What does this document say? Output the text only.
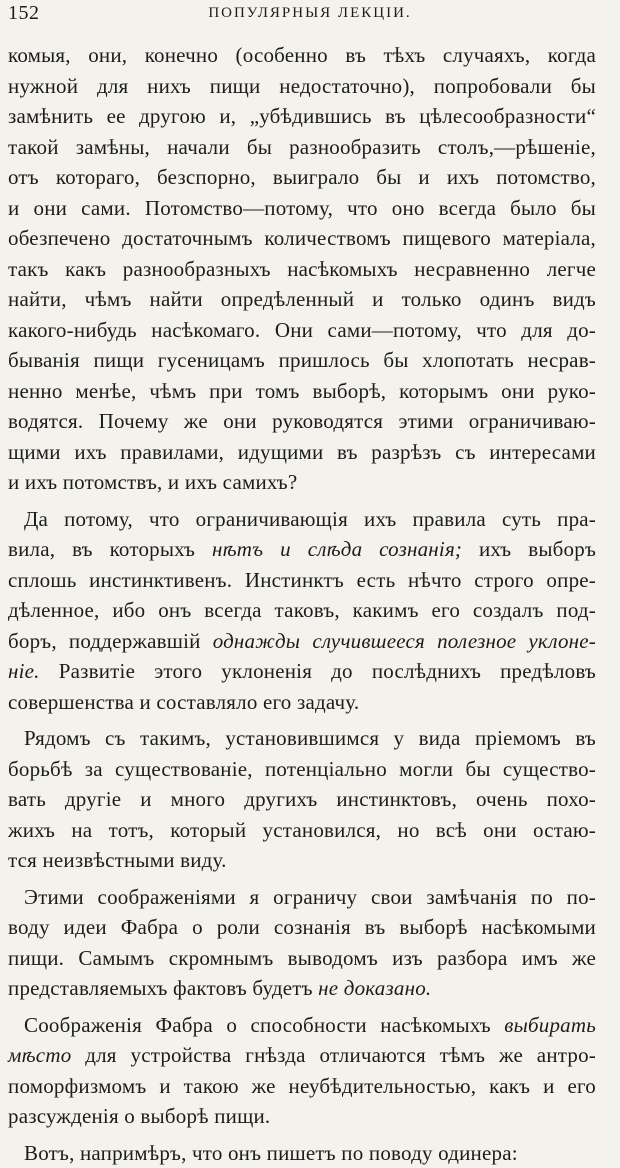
152	ПОПУЛЯРНЫЯ ЛЕКЦІИ.
комыя, они, конечно (особенно въ тѣхъ случаяхъ, когда
нужной для нихъ пищи недостаточно), попробовали бы
замѣнить ее другою и, „убѣдившись въ цѣлесообразности“
такой замѣны, начали бы разнообразить столъ,—рѣшеніе,
отъ котораго, безспорно, выиграло бы и ихъ потомство,
и они сами. Потомство—потому, что оно всегда было бы
обезпечено достаточнымъ количествомъ пищевого матеріала,
такъ какъ разнообразныхъ насѣкомыхъ несравненно легче
найти, чѣмъ найти опредѣленный и только одинъ видъ
какого-нибудь насѣкомаго. Они сами—потому, что для до-
быванія пищи гусеницамъ пришлось бы хлопотать несрав-
ненно менѣе, чѣмъ при томъ выборѣ, которымъ они руко-
водятся. Почему же они руководятся этими ограничиваю-
щими ихъ правилами, идущими въ разрѣзъ съ интересами
и ихъ потомствъ, и ихъ самихъ?
Да потому, что ограничивающія ихъ правила суть пра-
вила, въ которыхъ нѣтъ и слѣда сознанія; ихъ выборъ
сплошь инстинктивенъ. Инстинктъ есть нѣчто строго опре-
дѣленное, ибо онъ всегда таковъ, какимъ его создалъ под-
боръ, поддержавшій однажды случившееся полезное уклоне-
ніе. Развитіе этого уклоненія до послѣднихъ предѣловъ
совершенства и составляло его задачу.
Рядомъ съ такимъ, установившимся у вида пріемомъ въ
борьбѣ за существованіе, потенціально могли бы существо-
вать другіе и много другихъ инстинктовъ, очень похо-
жихъ на тотъ, который установился, но всѣ они остаю-
тся неизвѣстными виду.
Этими соображеніями я ограничу свои замѣчанія по по-
воду идеи Фабра о роли сознанія въ выборѣ насѣкомыми
пищи. Самымъ скромнымъ выводомъ изъ разбора имъ же
представляемыхъ фактовъ будетъ не доказано.
Соображенія Фабра о способности насѣкомыхъ выбирать
мѣсто для устройства гнѣзда отличаются тѣмъ же антро-
поморфизмомъ и такою же неубѣдительностью, какъ и его
разсужденія о выборѣ пищи.
Вотъ, напримѣръ, что онъ пишетъ по поводу одинера:
